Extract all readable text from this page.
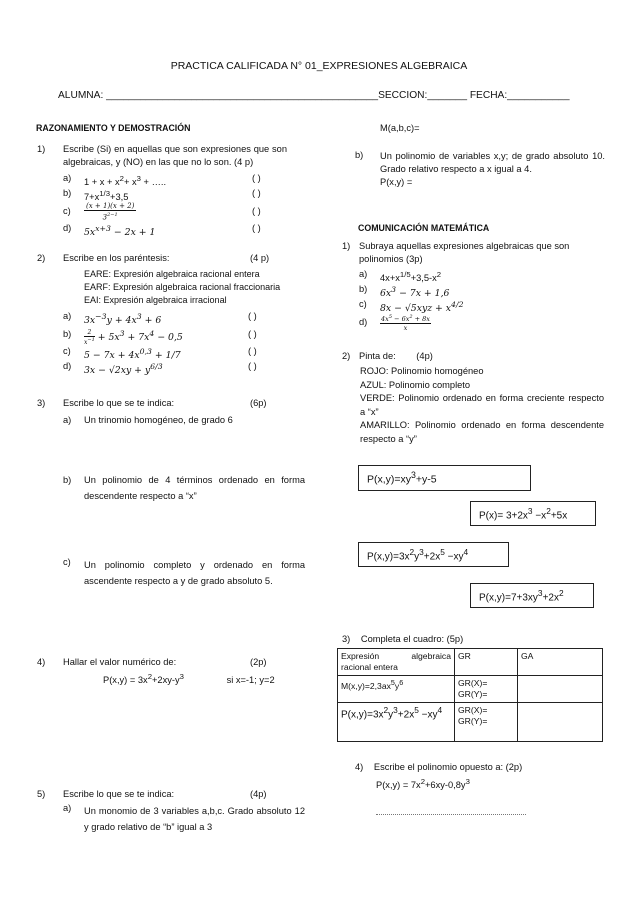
PRACTICA CALIFICADA N° 01_EXPRESIONES ALGEBRAICA
ALUMNA: ________________________________________________SECCION:_______ FECHA:___________
RAZONAMIENTO Y DEMOSTRACIÓN
1) Escribe (Si) en aquellas que son expresiones que son algebraicas, y (NO) en las que no lo son. (4 p)
a) $1 + x + x^2+ x^3$ + …..	( )
b) $7+x^{1/3}+3,5$	( )
c) (x + 1)(x + 2)
$3^{2-1}$	( )
d) $5x^{x+3} - 2x + 1$	( )
2) Escribe en los paréntesis:	(4 p)
EARE: Expresión algebraica racional entera
EARF: Expresión algebraica racional fraccionaria
EAI: Expresión algebraica irracional
a) $3x^{-3}y + 4x^3 + 6$	( )
$b) \frac{2}{x^{-1}} + 5x^3 + 7x^4 - 0,5$	( )
c) $5 - 7x + 4x^{0,3} + 1/7$	( )
d) $3x - √2xy + y^{6/3}$	( )
3) Escribe lo que se te indica:	(6p)
a) Un trinomio homogéneo, de grado 6
b) Un polinomio de 4 términos ordenado en forma descendente respecto a “x”
c) Un polinomio completo y ordenado en forma ascendente respecto a y de grado absoluto 5.
4) Hallar el valor numérico de:	(2p)
$P(x,y) = 3x^2+2xy-y^3$	si x=-1; y=2
5) Escribe lo que se te indica:	(4p)
a) Un monomio de 3 variables a,b,c. Grado absoluto 12 y grado relativo de “b” igual a 3
M(a,b,c)=
b) Un polinomio de variables x,y; de grado absoluto 10. Grado relativo respecto a x igual a 4.
P(x,y) =
COMUNICACIÓN MATEMÁTICA
1) Subraya aquellas expresiones algebraicas que son polinomios (3p)
a) $4x+x^{1/5}+3,5-x^2$
b) $6x^3 - 7x + 1,6$
c) $8x - √5xyz + x^{4/2}$
d) $4x^5 - 6x^2 + 8x$
x
2) Pinta de: (4p)
ROJO: Polinomio homogéneo
AZUL: Polinomio completo
VERDE: Polinomio ordenado en forma creciente respecto a “x”
AMARILLO: Polinomio ordenado en forma descendente respecto a “y”
$P(x,y)=xy^3+y-5$
$P(x)= 3+2x^3 -x^2+5x$
$P(x,y)=3x^2y^3+2x^5 -xy^4$
$P(x,y)=7+3xy^3+2x^2$
3) Completa el cuadro: (5p)
Expresión algebraica racional entera	GR	GA
$M(x,y)=2,3ax^5y^6$	GR(X)=
GR(Y)=	
$P(x,y)=3x^2y^3+2x^5 -xy^4$	GR(X)=
GR(Y)=	
4) Escribe el polinomio opuesto a: (2p)
$P(x,y) = 7x^2+6xy-0,8y^3$
